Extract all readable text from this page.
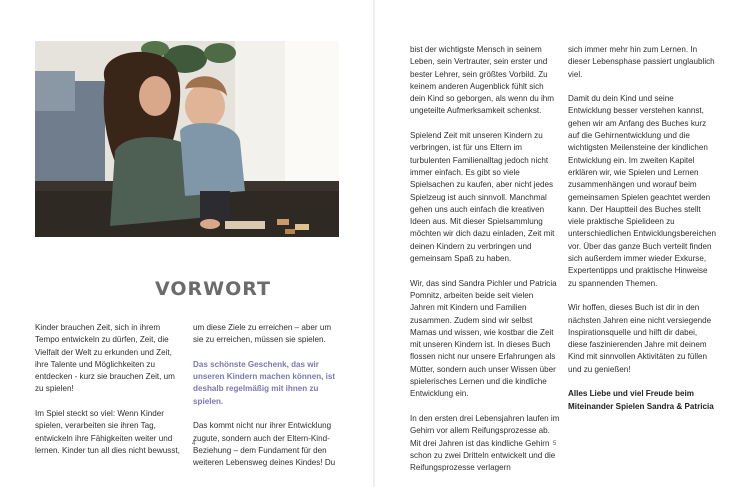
VORWORT

Kinder brauchen Zeit, sich in ihrem Tempo entwickeln zu dürfen, Zeit, die Vielfalt der Welt zu erkunden und Zeit, ihre Talente und Möglichkeiten zu entdecken - kurz sie brauchen Zeit, um zu spielen!

Im Spiel steckt so viel: Wenn Kinder spielen, verarbeiten sie ihren Tag, entwickeln ihre Fähigkeiten weiter und lernen. Kinder tun all dies nicht bewusst,

um diese Ziele zu erreichen – aber um sie zu erreichen, müssen sie spielen.

Das schönste Geschenk, das wir unseren Kindern machen können, ist deshalb regelmäßig mit ihnen zu spielen.

Das kommt nicht nur ihrer Entwicklung zugute, sondern auch der Eltern-Kind-Beziehung – dem Fundament für den weiteren Lebensweg deines Kindes! Du

4

bist der wichtigste Mensch in seinem Leben, sein Vertrauter, sein erster und bester Lehrer, sein größtes Vorbild. Zu keinem anderen Augenblick fühlt sich dein Kind so geborgen, als wenn du ihm ungeteilte Aufmerksamkeit schenkst.

Spielend Zeit mit unseren Kindern zu verbringen, ist für uns Eltern im turbulenten Familienalltag jedoch nicht immer einfach. Es gibt so viele Spielsachen zu kaufen, aber nicht jedes Spielzeug ist auch sinnvoll. Manchmal gehen uns auch einfach die kreativen Ideen aus. Mit dieser Spielsammlung möchten wir dich dazu einladen, Zeit mit deinen Kindern zu verbringen und gemeinsam Spaß zu haben.

Wir, das sind Sandra Pichler und Patricia Pomnitz, arbeiten beide seit vielen Jahren mit Kindern und Familien zusammen. Zudem sind wir selbst Mamas und wissen, wie kostbar die Zeit mit unseren Kindern ist. In dieses Buch flossen nicht nur unsere Erfahrungen als Mütter, sondern auch unser Wissen über spielerisches Lernen und die kindliche Entwicklung ein.

In den ersten drei Lebensjahren laufen im Gehirn vor allem Reifungsprozesse ab. Mit drei Jahren ist das kindliche Gehirn schon zu zwei Dritteln entwickelt und die Reifungsprozesse verlagern

sich immer mehr hin zum Lernen. In dieser Lebensphase passiert unglaublich viel.

Damit du dein Kind und seine Entwicklung besser verstehen kannst, gehen wir am Anfang des Buches kurz auf die Gehirnentwicklung und die wichtigsten Meilensteine der kindlichen Entwicklung ein. Im zweiten Kapitel erklären wir, wie Spielen und Lernen zusammenhängen und worauf beim gemeinsamen Spielen geachtet werden kann. Der Hauptteil des Buches stellt viele praktische Spielideen zu unterschiedlichen Entwicklungsbereichen vor. Über das ganze Buch verteilt finden sich außerdem immer wieder Exkurse, Expertentipps und praktische Hinweise zu spannenden Themen.

Wir hoffen, dieses Buch ist dir in den nächsten Jahren eine nicht versiegende Inspirationsquelle und hilft dir dabei, diese faszinierenden Jahre mit deinem Kind mit sinnvollen Aktivitäten zu füllen und zu genießen!

Alles Liebe und viel Freude beim Miteinander Spielen Sandra & Patricia

5
